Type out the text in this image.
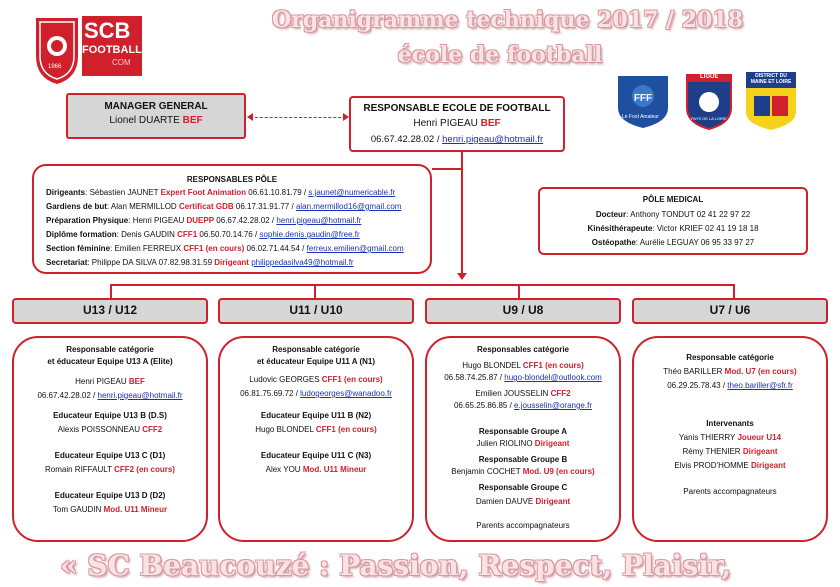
Organigramme technique 2017 / 2018
école de football
SCB
FOOTBALL
COM
1966
FFF
Le Foot Amateur
LIGUE
PAYS DE LA LOIRE
DISTRICT DU MAINE ET LOIRE
MANAGER GENERAL
Lionel DUARTE BEF
RESPONSABLE ECOLE DE FOOTBALL
Henri PIGEAU BEF
06.67.42.28.02 / henri.pigeau@hotmail.fr
RESPONSABLES PÔLE
Dirigeants: Sébastien JAUNET Expert Foot Animation 06.61.10.81.79 / s.jaunet@numericable.fr
Gardiens de but: Alan MERMILLOD Certificat GDB 06.17.31.91.77 / alan.mermillod16@gmail.com
Préparation Physique: Henri PIGEAU DUEPP 06.67.42.28.02 / henri.pigeau@hotmail.fr
Diplôme formation: Denis GAUDIN CFF1 06.50.70.14.76 / sophie.denis.gaudin@free.fr
Section féminine: Emilien FERREUX CFF1 (en cours) 06.02.71.44.54 / ferreux.emilien@gmail.com
Secretariat: Philippe DA SILVA 07.82.98.31.59 Dirigeant philippedasilva49@hotmail.fr
PÔLE MEDICAL
Docteur: Anthony TONDUT 02 41 22 97 22
Kinésithérapeute: Victor KRIEF 02 41 19 18 18
Ostéopathe: Aurélie LEGUAY 06 95 33 97 27
U13 / U12
Responsable catégorie
et éducateur Equipe U13 A (Elite)
Henri PIGEAU BEF
06.67.42.28.02 / henri.pigeau@hotmail.fr
Educateur Equipe U13 B (D.S)
Alexis POISSONNEAU CFF2
Educateur Equipe U13 C (D1)
Romain RIFFAULT CFF2 (en cours)
Educateur Equipe U13 D (D2)
Tom GAUDIN Mod. U11 Mineur
U11 / U10
Responsable catégorie
et éducateur Equipe U11 A (N1)
Ludovic GEORGES CFF1 (en cours)
06.81.75.69.72 / ludogeorges@wanadoo.fr
Educateur Equipe U11 B (N2)
Hugo BLONDEL CFF1 (en cours)
Educateur Equipe U11 C (N3)
Alex YOU Mod. U11 Mineur
U9 / U8
Responsables catégorie
Hugo BLONDEL CFF1 (en cours)
06.58.74.25.87 / hugo-blondel@outlook.com
Emilien JOUSSELIN CFF2
06.65.25.86.85 / e.jousselin@orange.fr
Responsable Groupe A
Julien RIOLINO Dirigeant
Responsable Groupe B
Benjamin COCHET Mod. U9 (en cours)
Responsable Groupe C
Damien DAUVE Dirigeant
Parents accompagnateurs
U7 / U6
Responsable catégorie
Théo BARILLER Mod. U7 (en cours)
06.29.25.78.43 / theo.bariller@sfr.fr
Intervenants
Yanis THIERRY Joueur U14
Rémy THENIER Dirigeant
Elvis PROD'HOMME Dirigeant
Parents accompagnateurs
« SC Beaucouzé : Passion, Respect, Plaisir,
